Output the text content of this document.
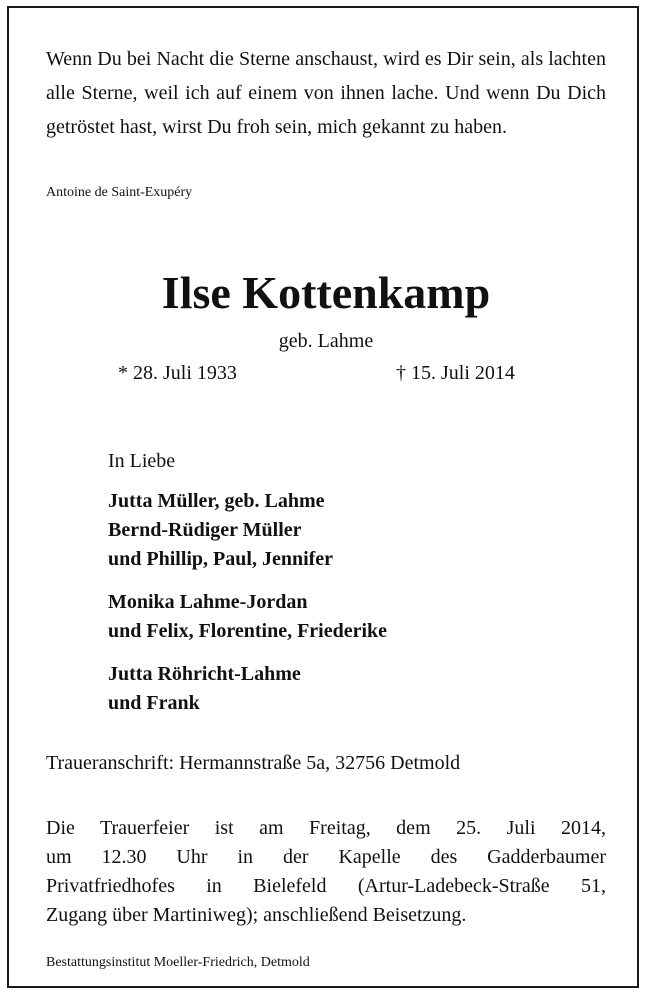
Wenn Du bei Nacht die Sterne anschaust, wird es Dir sein, als lachten alle Sterne, weil ich auf einem von ihnen lache. Und wenn Du Dich getröstet hast, wirst Du froh sein, mich gekannt zu haben.

Antoine de Saint-Exupéry

Ilse Kottenkamp

geb. Lahme

* 28. Juli 1933	† 15. Juli 2014

In Liebe

Jutta Müller, geb. Lahme
Bernd-Rüdiger Müller
und Phillip, Paul, Jennifer
Monika Lahme-Jordan
und Felix, Florentine, Friederike
Jutta Röhricht-Lahme
und Frank

Traueranschrift: Hermannstraße 5a, 32756 Detmold

Die Trauerfeier ist am Freitag, dem 25. Juli 2014,
um 12.30 Uhr in der Kapelle des Gadderbaumer
Privatfriedhofes in Bielefeld (Artur-Ladebeck-Straße 51,
Zugang über Martiniweg); anschließend Beisetzung.

Bestattungsinstitut Moeller-Friedrich, Detmold
